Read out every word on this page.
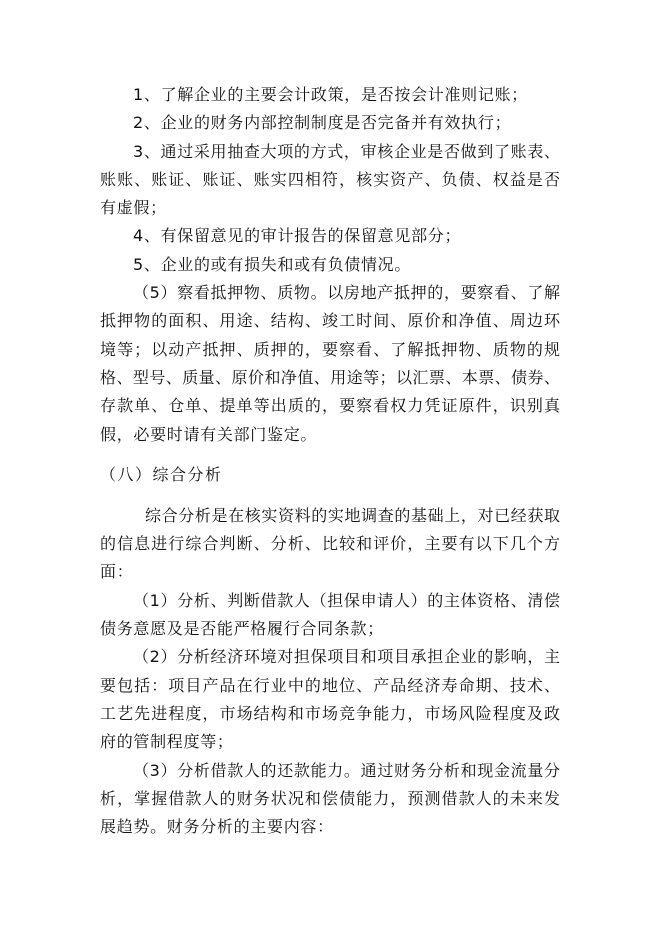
1、了解企业的主要会计政策，是否按会计准则记账；
2、企业的财务内部控制制度是否完备并有效执行；
3、通过采用抽查大项的方式，审核企业是否做到了账表、
账账、账证、账证、账实四相符，核实资产、负债、权益是否
有虚假；
4、有保留意见的审计报告的保留意见部分；
5、企业的或有损失和或有负债情况。
（5）察看抵押物、质物。以房地产抵押的，要察看、了解
抵押物的面积、用途、结构、竣工时间、原价和净值、周边环
境等；以动产抵押、质押的，要察看、了解抵押物、质物的规
格、型号、质量、原价和净值、用途等；以汇票、本票、债券、
存款单、仓单、提单等出质的，要察看权力凭证原件，识别真
假，必要时请有关部门鉴定。
（八）综合分析
综合分析是在核实资料的实地调查的基础上，对已经获取
的信息进行综合判断、分析、比较和评价，主要有以下几个方
面：
（1）分析、判断借款人（担保申请人）的主体资格、清偿
债务意愿及是否能严格履行合同条款；
（2）分析经济环境对担保项目和项目承担企业的影响，主
要包括：项目产品在行业中的地位、产品经济寿命期、技术、
工艺先进程度，市场结构和市场竞争能力，市场风险程度及政
府的管制程度等；
（3）分析借款人的还款能力。通过财务分析和现金流量分
析，掌握借款人的财务状况和偿债能力，预测借款人的未来发
展趋势。财务分析的主要内容：
